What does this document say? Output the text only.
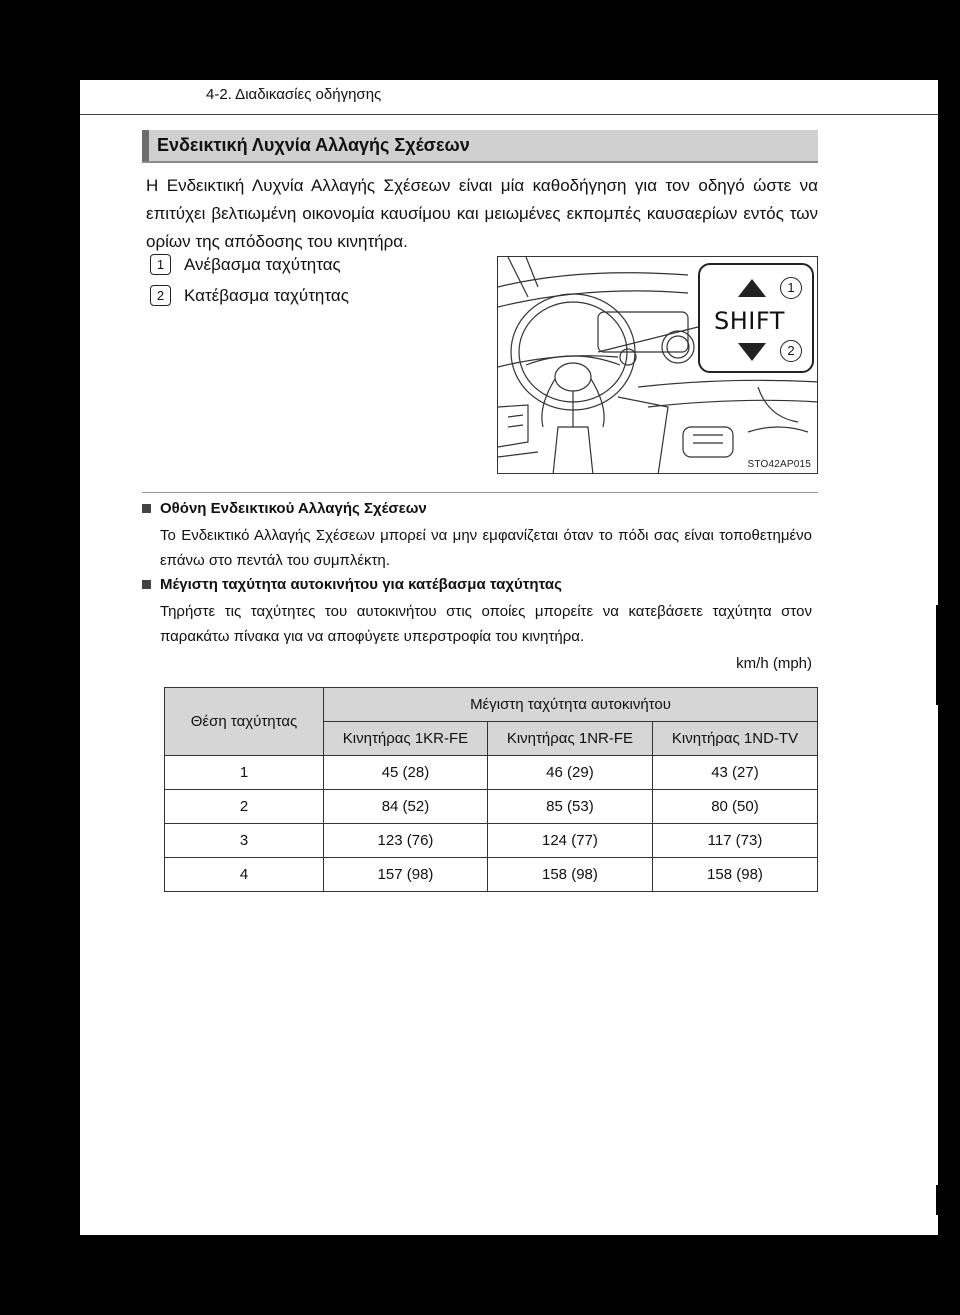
4-2. Διαδικασίες οδήγησης
Ενδεικτική Λυχνία Αλλαγής Σχέσεων
Η Ενδεικτική Λυχνία Αλλαγής Σχέσεων είναι μία καθοδήγηση για τον οδηγό ώστε να επιτύχει βελτιωμένη οικονομία καυσίμου και μειωμένες εκπομπές καυσαερίων εντός των ορίων της απόδοσης του κινητήρα.
1	Ανέβασμα ταχύτητας
2	Κατέβασμα ταχύτητας	1
SHIFT
2
STO42AP015
Οθόνη Ενδεικτικού Αλλαγής Σχέσεων
Το Ενδεικτικό Αλλαγής Σχέσεων μπορεί να μην εμφανίζεται όταν το πόδι σας είναι τοποθετημένο επάνω στο πεντάλ του συμπλέκτη.
Μέγιστη ταχύτητα αυτοκινήτου για κατέβασμα ταχύτητας
Τηρήστε τις ταχύτητες του αυτοκινήτου στις οποίες μπορείτε να κατεβάσετε ταχύτητα στον παρακάτω πίνακα για να αποφύγετε υπερστροφία του κινητήρα.
km/h (mph)
Θέση ταχύτητας	Μέγιστη ταχύτητα αυτοκινήτου		
	Κινητήρας 1KR-FE	Κινητήρας 1NR-FE	Κινητήρας 1ND-TV
1	45 (28)	46 (29)	43 (27)
2	84 (52)	85 (53)	80 (50)
3	123 (76)	124 (77)	117 (73)
4	157 (98)	158 (98)	158 (98)
